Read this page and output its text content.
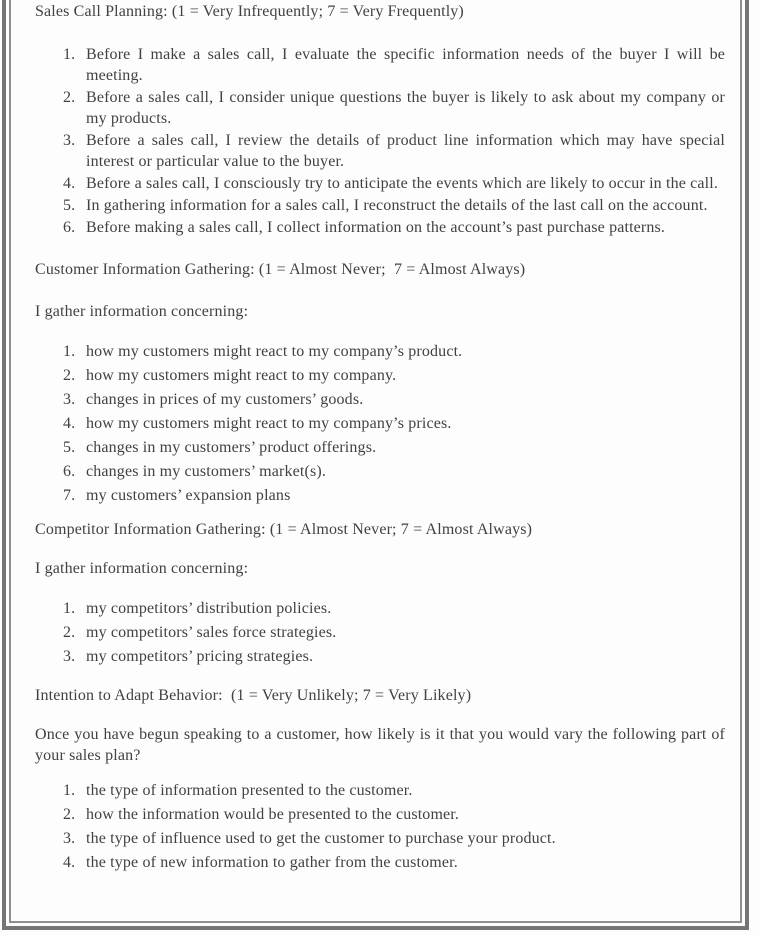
Sales Call Planning: (1 = Very Infrequently; 7 = Very Frequently)
Before I make a sales call, I evaluate the specific information needs of the buyer I will be meeting.
Before a sales call, I consider unique questions the buyer is likely to ask about my company or my products.
Before a sales call, I review the details of product line information which may have special interest or particular value to the buyer.
Before a sales call, I consciously try to anticipate the events which are likely to occur in the call.
In gathering information for a sales call, I reconstruct the details of the last call on the account.
Before making a sales call, I collect information on the account’s past purchase patterns.
Customer Information Gathering: (1 = Almost Never;  7 = Almost Always)

I gather information concerning:

how my customers might react to my company’s product.
how my customers might react to my company.
changes in prices of my customers’ goods.
how my customers might react to my company’s prices.
changes in my customers’ product offerings.
changes in my customers’ market(s).
my customers’ expansion plans
Competitor Information Gathering: (1 = Almost Never; 7 = Almost Always)

I gather information concerning:

my competitors’ distribution policies.
my competitors’ sales force strategies.
my competitors’ pricing strategies.
Intention to Adapt Behavior:  (1 = Very Unlikely; 7 = Very Likely)

Once you have begun speaking to a customer, how likely is it that you would vary the following part of your sales plan?

the type of information presented to the customer.
how the information would be presented to the customer.
the type of influence used to get the customer to purchase your product.
the type of new information to gather from the customer.
